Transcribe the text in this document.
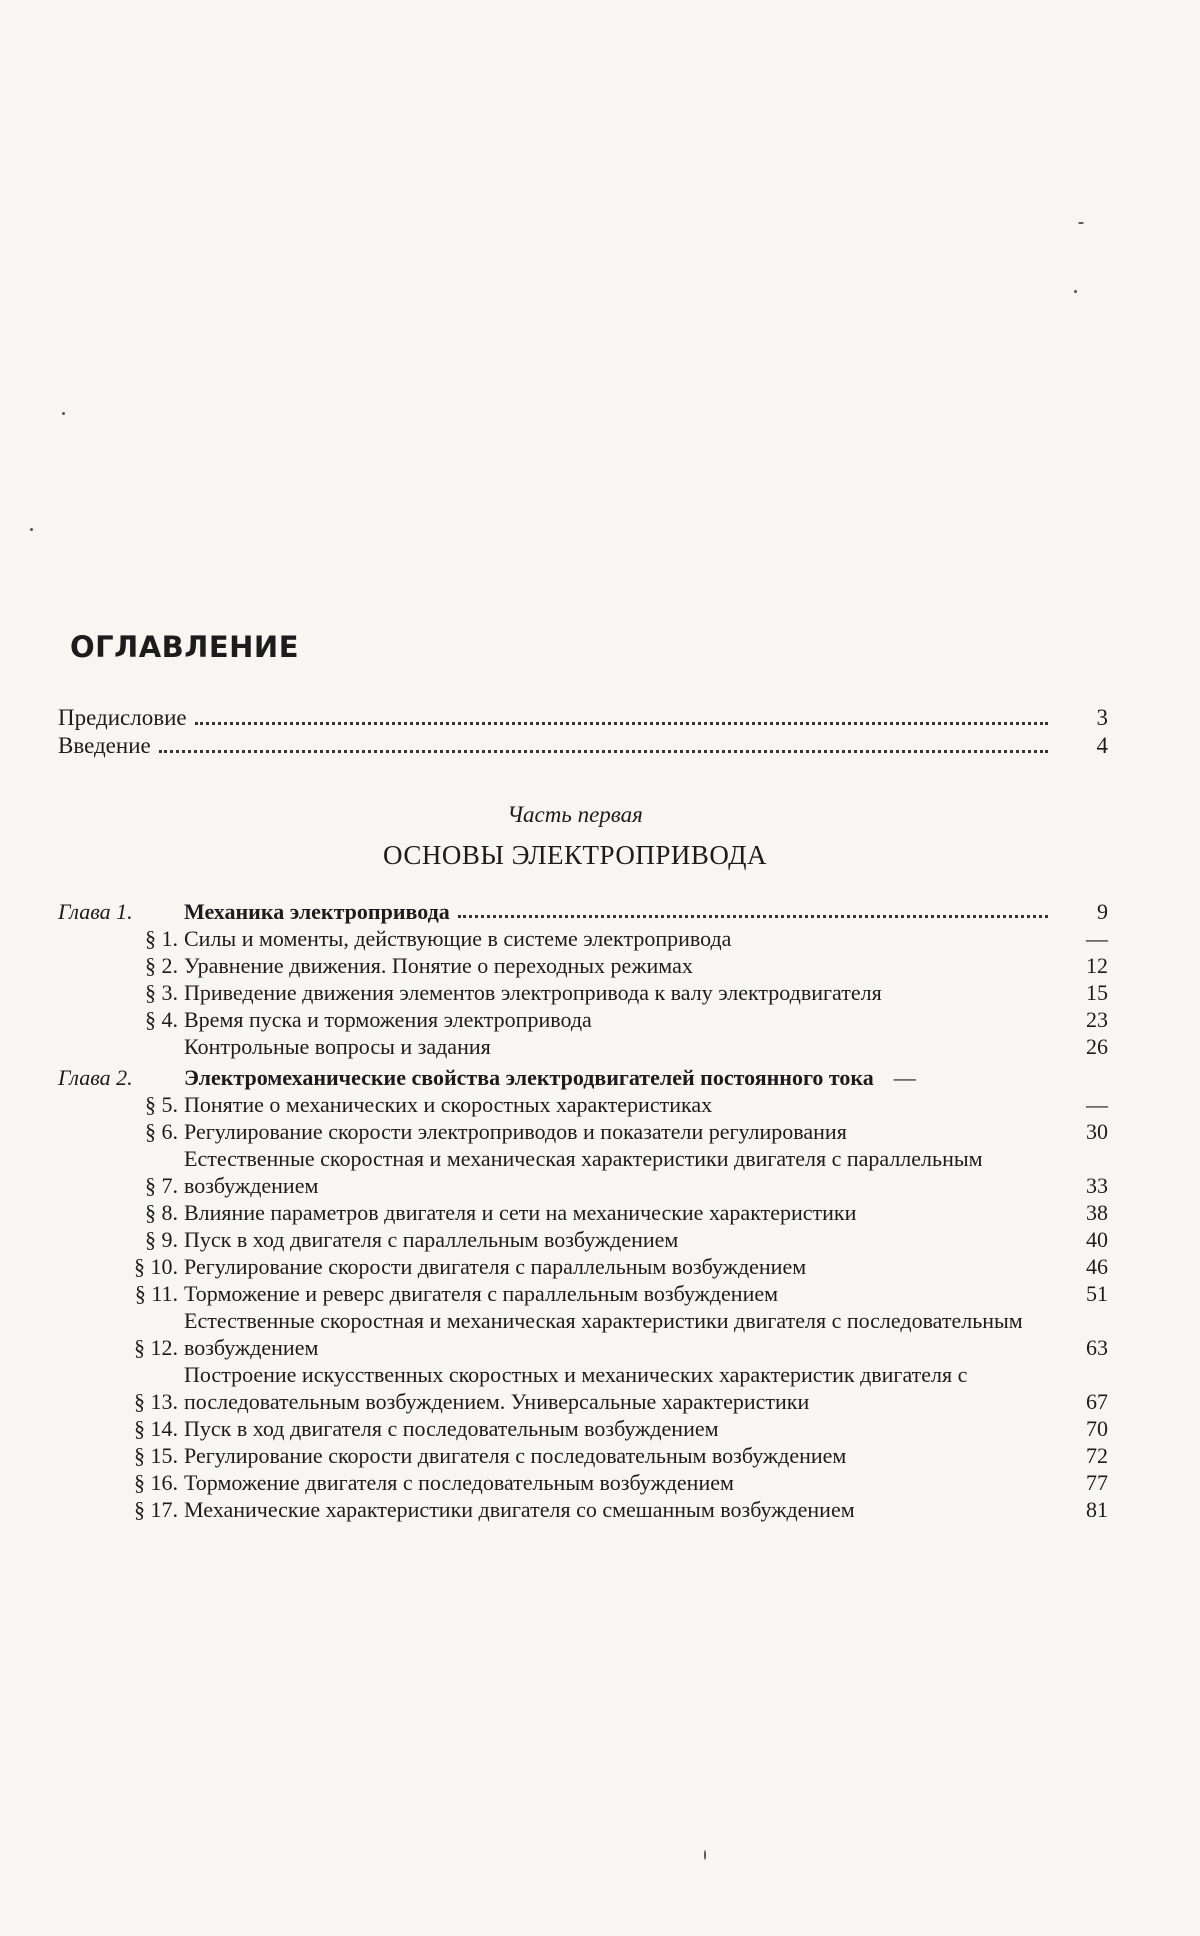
ОГЛАВЛЕНИЕ
Предисловие	3
Введение	4
Часть первая
ОСНОВЫ ЭЛЕКТРОПРИВОДА
Глава 1.	Механика электропривода	9
§ 1. Силы и моменты, действующие в системе электропривода	—
§ 2. Уравнение движения. Понятие о переходных режимах	12
§ 3. Приведение движения элементов электропривода к валу электродвигателя	15
§ 4. Время пуска и торможения электропривода	23
Контрольные вопросы и задания	26
Глава 2.	Электромеханические свойства электродвигателей постоянного тока —
§ 5. Понятие о механических и скоростных характеристиках	—
§ 6. Регулирование скорости электроприводов и показатели регулирования	30
§ 7.
Естественные скоростная и механическая характеристики двигателя с параллельным возбуждением	33
§ 8. Влияние параметров двигателя и сети на механические характеристики	38
§ 9. Пуск в ход двигателя с параллельным возбуждением	40
§ 10. Регулирование скорости двигателя с параллельным возбуждением	46
§ 11. Торможение и реверс двигателя с параллельным возбуждением	51
§ 12.
Естественные скоростная и механическая характеристики двигателя с последовательным возбуждением	63
§ 13.
Построение искусственных скоростных и механических характеристик двигателя с последовательным возбуждением. Универсальные характеристики	67
§ 14. Пуск в ход двигателя с последовательным возбуждением	70
§ 15. Регулирование скорости двигателя с последовательным возбуждением	72
§ 16. Торможение двигателя с последовательным возбуждением	77
§ 17. Механические характеристики двигателя со смешанным возбуждением	81
